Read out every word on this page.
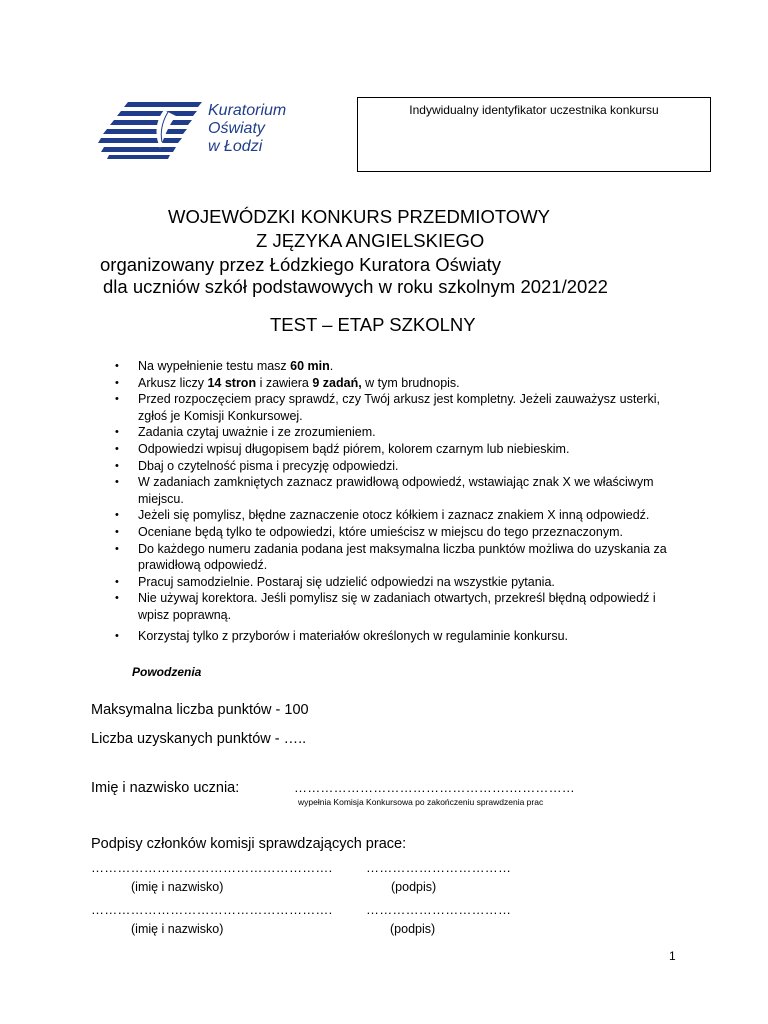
Kuratorium
Oświaty
w Łodzi
Indywidualny identyfikator uczestnika konkursu
WOJEWÓDZKI KONKURS PRZEDMIOTOWY
Z JĘZYKA ANGIELSKIEGO
organizowany przez Łódzkiego Kuratora Oświaty
dla uczniów szkół podstawowych w roku szkolnym 2021/2022
TEST – ETAP SZKOLNY
• Na wypełnienie testu masz 60 min.
• Arkusz liczy 14 stron i zawiera 9 zadań, w tym brudnopis.
• Przed rozpoczęciem pracy sprawdź, czy Twój arkusz jest kompletny. Jeżeli zauważysz usterki, zgłoś je Komisji Konkursowej.
• Zadania czytaj uważnie i ze zrozumieniem.
• Odpowiedzi wpisuj długopisem bądź piórem, kolorem czarnym lub niebieskim.
• Dbaj o czytelność pisma i precyzję odpowiedzi.
• W zadaniach zamkniętych zaznacz prawidłową odpowiedź, wstawiając znak X we właściwym miejscu.
• Jeżeli się pomylisz, błędne zaznaczenie otocz kółkiem i zaznacz znakiem X inną odpowiedź.
• Oceniane będą tylko te odpowiedzi, które umieścisz w miejscu do tego przeznaczonym.
• Do każdego numeru zadania podana jest maksymalna liczba punktów możliwa do uzyskania za prawidłową odpowiedź.
• Pracuj samodzielnie. Postaraj się udzielić odpowiedzi na wszystkie pytania.
• Nie używaj korektora. Jeśli pomylisz się w zadaniach otwartych, przekreśl błędną odpowiedź i wpisz poprawną.
• Korzystaj tylko z przyborów i materiałów określonych w regulaminie konkursu.
Powodzenia
Maksymalna liczba punktów - 100
Liczba uzyskanych punktów - …..
Imię i nazwisko ucznia:	………………………………………….……………
wypełnia Komisja Konkursowa po zakończeniu sprawdzenia prac
Podpisy członków komisji sprawdzających prace:
……………………………………………….	……………………………
(imię i nazwisko)	(podpis)
……………………………………………….	……………………………
(imię i nazwisko)	(podpis)
1
